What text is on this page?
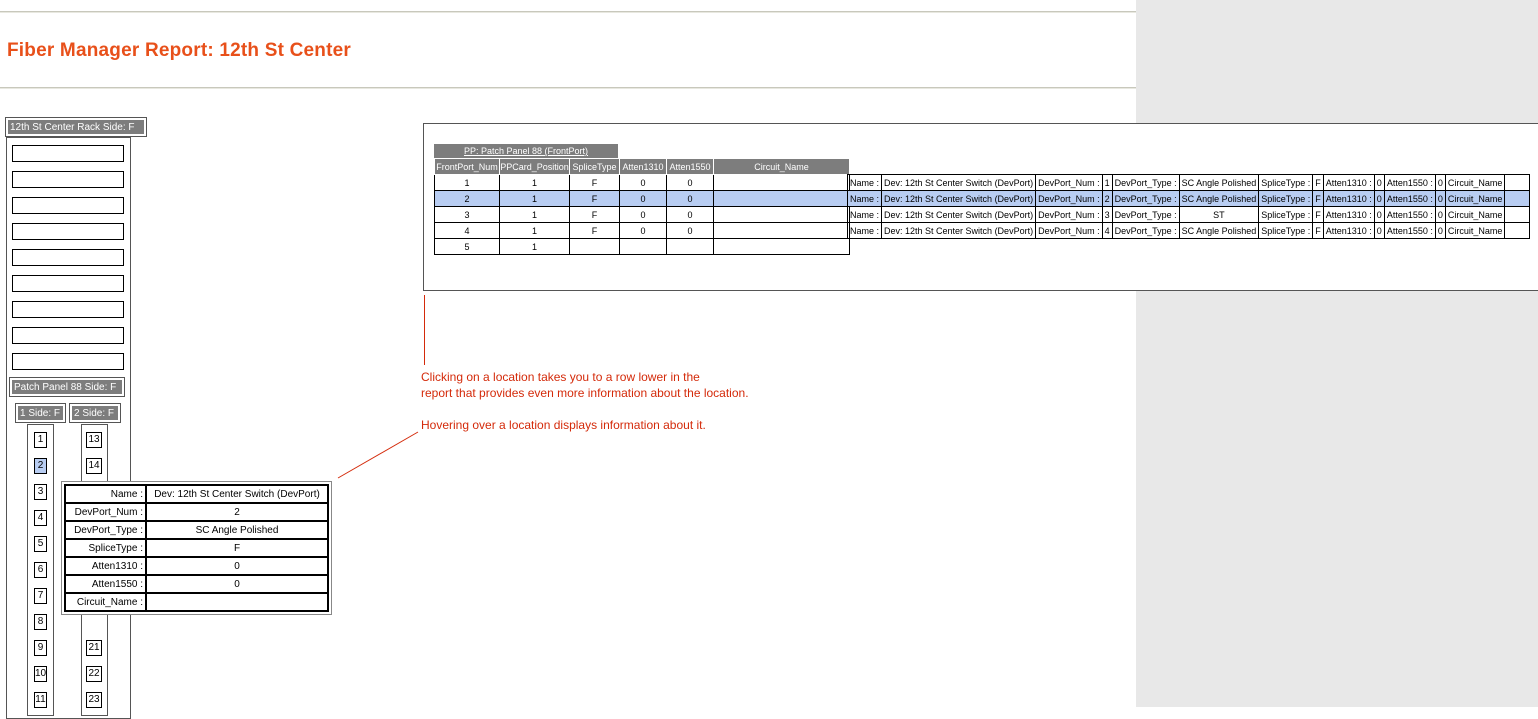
Fiber Manager Report: 12th St Center
12th St Center Rack Side: F
Patch Panel 88 Side: F
1 Side: F	2 Side: F
1
2
3
4
5
6
7
8
9
10
11
13
14
21
22
23
Name :	Dev: 12th St Center Switch (DevPort)
DevPort_Num :	2
DevPort_Type :	SC Angle Polished
SpliceType :	F
Atten1310 :	0
Atten1550 :	0
Circuit_Name :	
PP: Patch Panel 88 (FrontPort)
FrontPort_Num	PPCard_Position	SpliceType	Atten1310	Atten1550	Circuit_Name
1	1	F	0	0	
2	1	F	0	0	
3	1	F	0	0	
4	1	F	0	0	
5	1				
Name :	Dev: 12th St Center Switch (DevPort)	DevPort_Num :	1	DevPort_Type :	SC Angle Polished	SpliceType :	F	Atten1310 :	0	Atten1550 :	0	Circuit_Name	
Name :	Dev: 12th St Center Switch (DevPort)	DevPort_Num :	2	DevPort_Type :	SC Angle Polished	SpliceType :	F	Atten1310 :	0	Atten1550 :	0	Circuit_Name	
Name :	Dev: 12th St Center Switch (DevPort)	DevPort_Num :	3	DevPort_Type :	ST	SpliceType :	F	Atten1310 :	0	Atten1550 :	0	Circuit_Name	
Name :	Dev: 12th St Center Switch (DevPort)	DevPort_Num :	4	DevPort_Type :	SC Angle Polished	SpliceType :	F	Atten1310 :	0	Atten1550 :	0	Circuit_Name	
Clicking on a location takes you to a row lower in the
report that provides even more information about the location.
Hovering over a location displays information about it.
